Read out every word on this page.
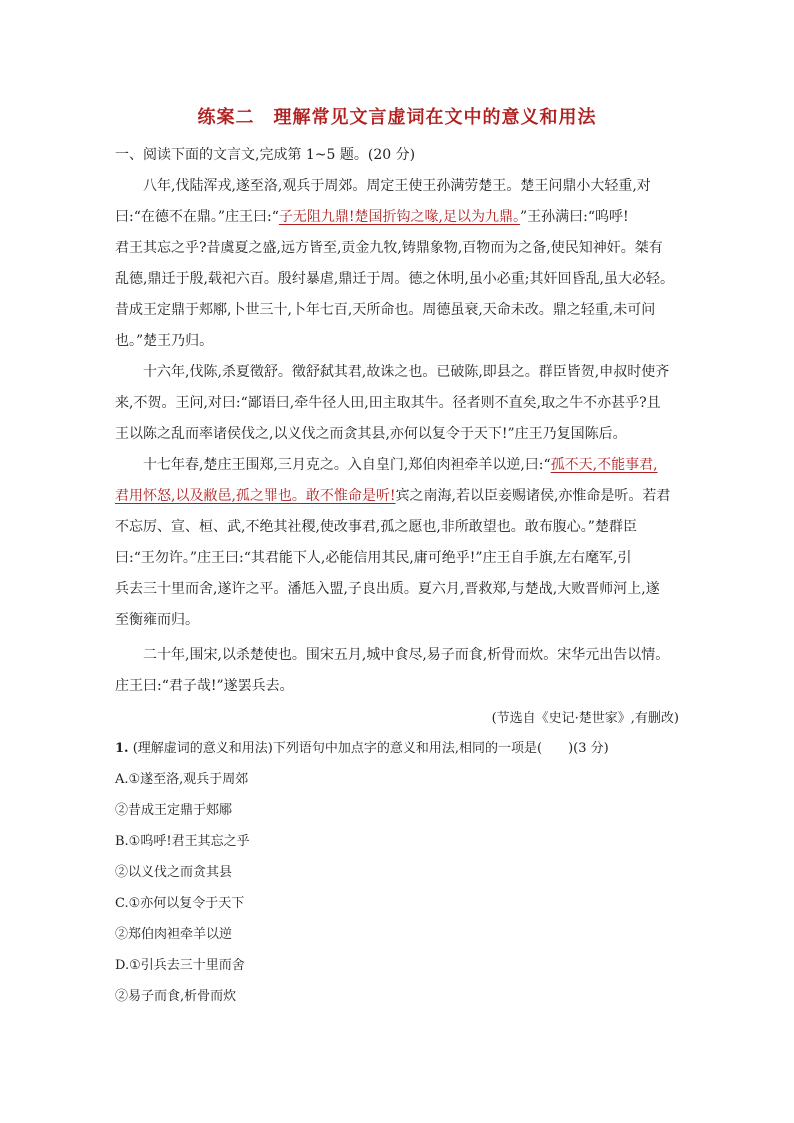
练案二　理解常见文言虚词在文中的意义和用法
一、阅读下面的文言文,完成第 1~5 题。(20 分)
八年,伐陆浑戎,遂至洛,观兵于周郊。周定王使王孙满劳楚王。楚王问鼎小大轻重,对
曰:“在德不在鼎。”庄王曰:“子无阻九鼎!楚国折钩之喙,足以为九鼎。”王孙满曰:“呜呼!
君王其忘之乎?昔虞夏之盛,远方皆至,贡金九牧,铸鼎象物,百物而为之备,使民知神奸。桀有
乱德,鼎迁于殷,载祀六百。殷纣暴虐,鼎迁于周。德之休明,虽小必重;其奸回昏乱,虽大必轻。
昔成王定鼎于郏鄏,卜世三十,卜年七百,天所命也。周德虽衰,天命未改。鼎之轻重,未可问
也。”楚王乃归。
十六年,伐陈,杀夏徵舒。徵舒弑其君,故诛之也。已破陈,即县之。群臣皆贺,申叔时使齐
来,不贺。王问,对曰:“鄙语曰,牵牛径人田,田主取其牛。径者则不直矣,取之牛不亦甚乎?且
王以陈之乱而率诸侯伐之,以义伐之而贪其县,亦何以复令于天下!”庄王乃复国陈后。
十七年春,楚庄王围郑,三月克之。入自皇门,郑伯肉袒牵羊以逆,曰:“孤不天,不能事君,
君用怀怒,以及敝邑,孤之罪也。敢不惟命是听!宾之南海,若以臣妾赐诸侯,亦惟命是听。若君
不忘厉、宣、桓、武,不绝其社稷,使改事君,孤之愿也,非所敢望也。敢布腹心。”楚群臣
曰:“王勿许。”庄王曰:“其君能下人,必能信用其民,庸可绝乎!”庄王自手旗,左右麾军,引
兵去三十里而舍,遂许之平。潘尪入盟,子良出质。夏六月,晋救郑,与楚战,大败晋师河上,遂
至衡雍而归。
二十年,围宋,以杀楚使也。围宋五月,城中食尽,易子而食,析骨而炊。宋华元出告以情。
庄王曰:“君子哉!”遂罢兵去。
(节选自《史记·楚世家》,有删改)
1. (理解虚词的意义和用法)下列语句中加点字的意义和用法,相同的一项是(　　)(3 分)
A.①遂至洛,观兵于周郊
②昔成王定鼎于郏鄏
B.①呜呼!君王其忘之乎
②以义伐之而贪其县
C.①亦何以复令于天下
②郑伯肉袒牵羊以逆
D.①引兵去三十里而舍
②易子而食,析骨而炊
